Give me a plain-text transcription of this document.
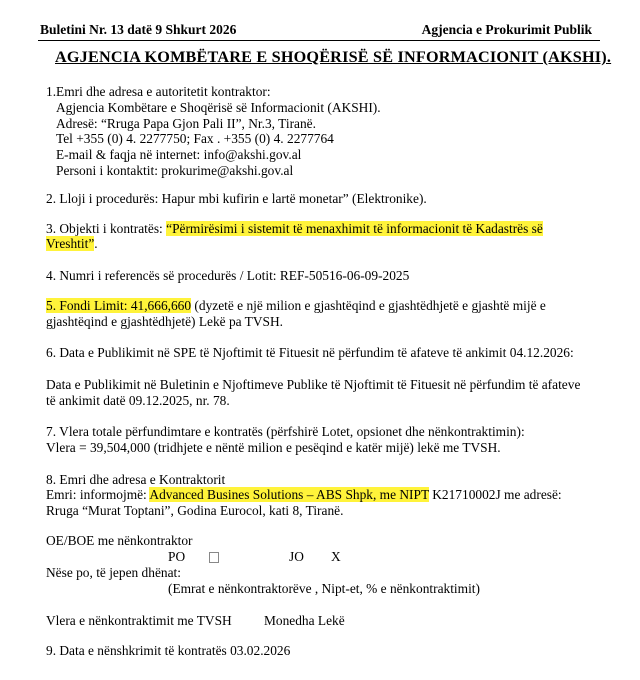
Buletini Nr. 13 datë 9 Shkurt 2026	Agjencia e Prokurimit Publik
AGJENCIA KOMBËTARE E SHOQËRISË SË INFORMACIONIT (AKSHI).
1.Emri dhe adresa e autoritetit kontraktor:
Agjencia Kombëtare e Shoqërisë së Informacionit (AKSHI).
Adresë: “Rruga Papa Gjon Pali II”, Nr.3, Tiranë.
Tel +355 (0) 4. 2277750; Fax . +355 (0) 4. 2277764
E-mail & faqja në internet: info@akshi.gov.al
Personi i kontaktit: prokurime@akshi.gov.al
2. Lloji i procedurës: Hapur mbi kufirin e lartë monetar” (Elektronike).
3. Objekti i kontratës: “Përmirësimi i sistemit të menaxhimit të informacionit të Kadastrës së
Vreshtit”.
4. Numri i referencës së procedurës / Lotit: REF-50516-06-09-2025
5. Fondi Limit: 41,666,660 (dyzetë e një milion e gjashtëqind e gjashtëdhjetë e gjashtë mijë e
gjashtëqind e gjashtëdhjetë) Lekë pa TVSH.
6. Data e Publikimit në SPE të Njoftimit të Fituesit në përfundim të afateve të ankimit 04.12.2026:
Data e Publikimit në Buletinin e Njoftimeve Publike të Njoftimit të Fituesit në përfundim të afateve
të ankimit datë 09.12.2025, nr. 78.
7. Vlera totale përfundimtare e kontratës (përfshirë Lotet, opsionet dhe nënkontraktimin):
Vlera = 39,504,000 (tridhjete e nëntë milion e pesëqind e katër mijë) lekë me TVSH.
8. Emri dhe adresa e Kontraktorit
Emri: informojmë: Advanced Busines Solutions – ABS Shpk, me NIPT K21710002J me adresë:
Rruga “Murat Toptani”, Godina Eurocol, kati 8, Tiranë.
OE/BOE me nënkontraktor
PO	JO X
Nëse po, të jepen dhënat:
(Emrat e nënkontraktorëve , Nipt-et, % e nënkontraktimit)
Vlera e nënkontraktimit me TVSH Monedha Lekë
9. Data e nënshkrimit të kontratës 03.02.2026
